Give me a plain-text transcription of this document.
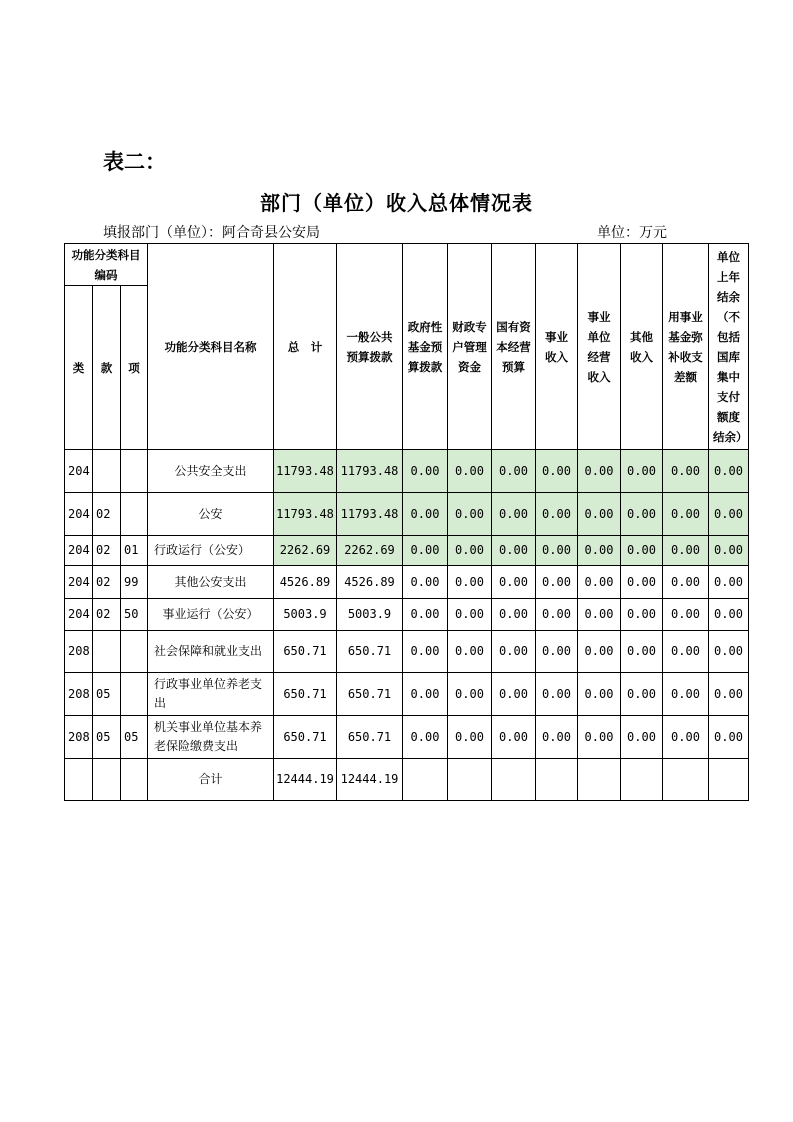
表二：
部门（单位）收入总体情况表
填报部门（单位）：阿合奇县公安局	单位：万元
功能分类科目编码			功能分类科目名称	总　计	一般公共预算拨款	政府性基金预算拨款	财政专户管理资金	国有资本经营预算	事业收入	事业单位经营收入	其他收入	用事业基金弥补收支差额	单位上年结余（不包括国库集中支付额度结余）
类	款	项											
204			公共安全支出	11793.48	11793.48	0.00	0.00	0.00	0.00	0.00	0.00	0.00	0.00
204	02		公安	11793.48	11793.48	0.00	0.00	0.00	0.00	0.00	0.00	0.00	0.00
204	02	01	行政运行（公安）	2262.69	2262.69	0.00	0.00	0.00	0.00	0.00	0.00	0.00	0.00
204	02	99	其他公安支出	4526.89	4526.89	0.00	0.00	0.00	0.00	0.00	0.00	0.00	0.00
204	02	50	事业运行（公安）	5003.9	5003.9	0.00	0.00	0.00	0.00	0.00	0.00	0.00	0.00
208			社会保障和就业支出	650.71	650.71	0.00	0.00	0.00	0.00	0.00	0.00	0.00	0.00
208	05		行政事业单位养老支出	650.71	650.71	0.00	0.00	0.00	0.00	0.00	0.00	0.00	0.00
208	05	05	机关事业单位基本养老保险缴费支出	650.71	650.71	0.00	0.00	0.00	0.00	0.00	0.00	0.00	0.00
			合计	12444.19	12444.19								
